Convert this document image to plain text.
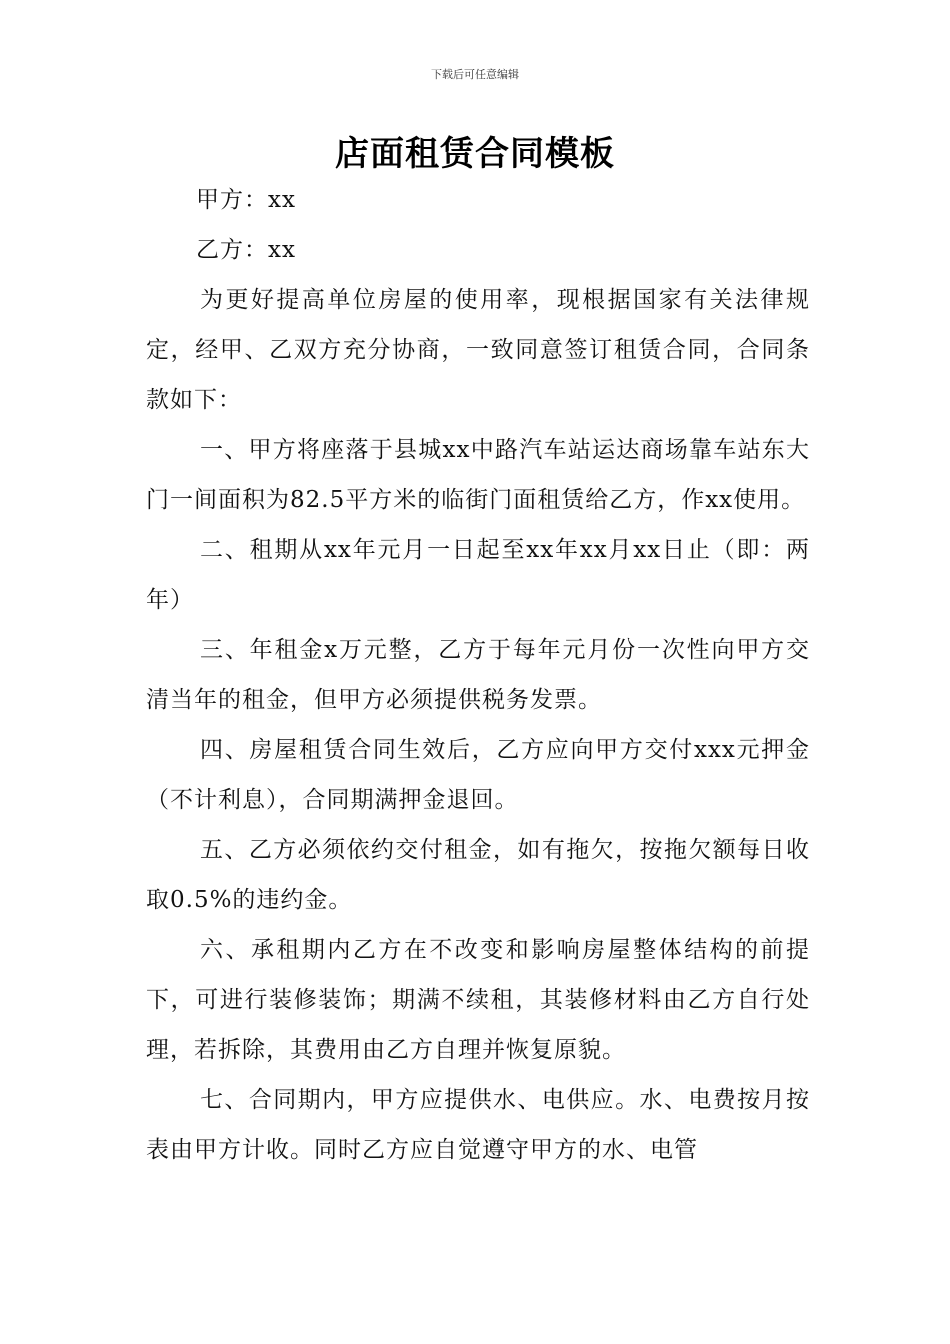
下载后可任意编辑
店面租赁合同模板

甲方：xx

乙方：xx

为更好提高单位房屋的使用率，现根据国家有关法律规定，经甲、乙双方充分协商，一致同意签订租赁合同，合同条款如下：

一、甲方将座落于县城xx中路汽车站运达商场靠车站东大门一间面积为82.5平方米的临街门面租赁给乙方，作xx使用。

二、租期从xx年元月一日起至xx年xx月xx日止（即：两年）

三、年租金x万元整，乙方于每年元月份一次性向甲方交清当年的租金，但甲方必须提供税务发票。

四、房屋租赁合同生效后，乙方应向甲方交付xxx元押金（不计利息），合同期满押金退回。

五、乙方必须依约交付租金，如有拖欠，按拖欠额每日收取0.5%的违约金。

六、承租期内乙方在不改变和影响房屋整体结构的前提下，可进行装修装饰；期满不续租，其装修材料由乙方自行处理，若拆除，其费用由乙方自理并恢复原貌。

七、合同期内，甲方应提供水、电供应。水、电费按月按表由甲方计收。同时乙方应自觉遵守甲方的水、电管
